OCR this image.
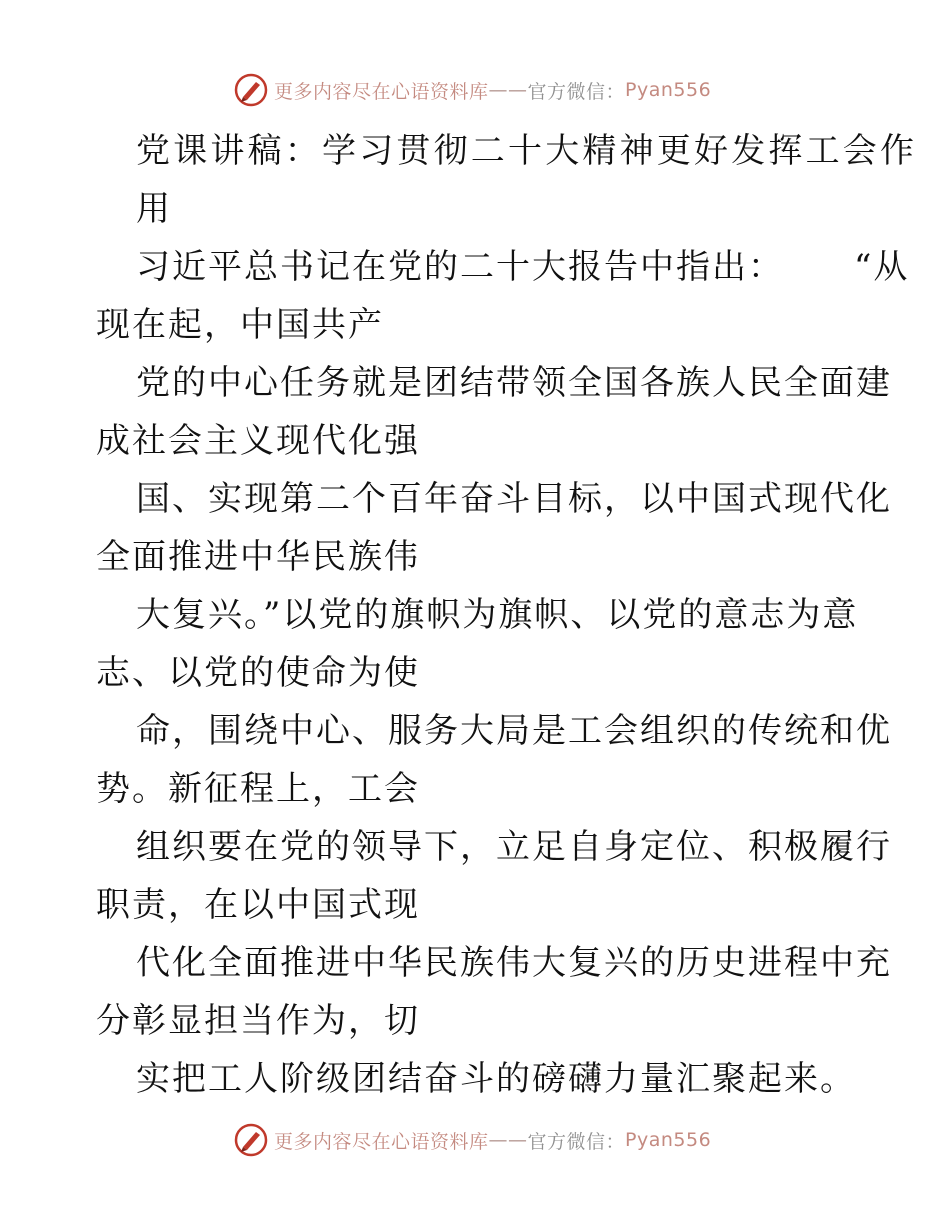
更多内容尽在心语资料库 —— 官方微信： Pyan556
党课讲稿：学习贯彻二十大精神更好发挥工会作
用
习近平总书记在党的二十大报告中指出： “从
现在起，中国共产
党的中心任务就是团结带领全国各族人民全面建
成社会主义现代化强
国、实现第二个百年奋斗目标，以中国式现代化
全面推进中华民族伟
大复兴。”以党的旗帜为旗帜、以党的意志为意
志、以党的使命为使
命，围绕中心、服务大局是工会组织的传统和优
势。新征程上，工会
组织要在党的领导下，立足自身定位、积极履行
职责，在以中国式现
代化全面推进中华民族伟大复兴的历史进程中充
分彰显担当作为，切
实把工人阶级团结奋斗的磅礴力量汇聚起来。
更多内容尽在心语资料库 —— 官方微信： Pyan556
